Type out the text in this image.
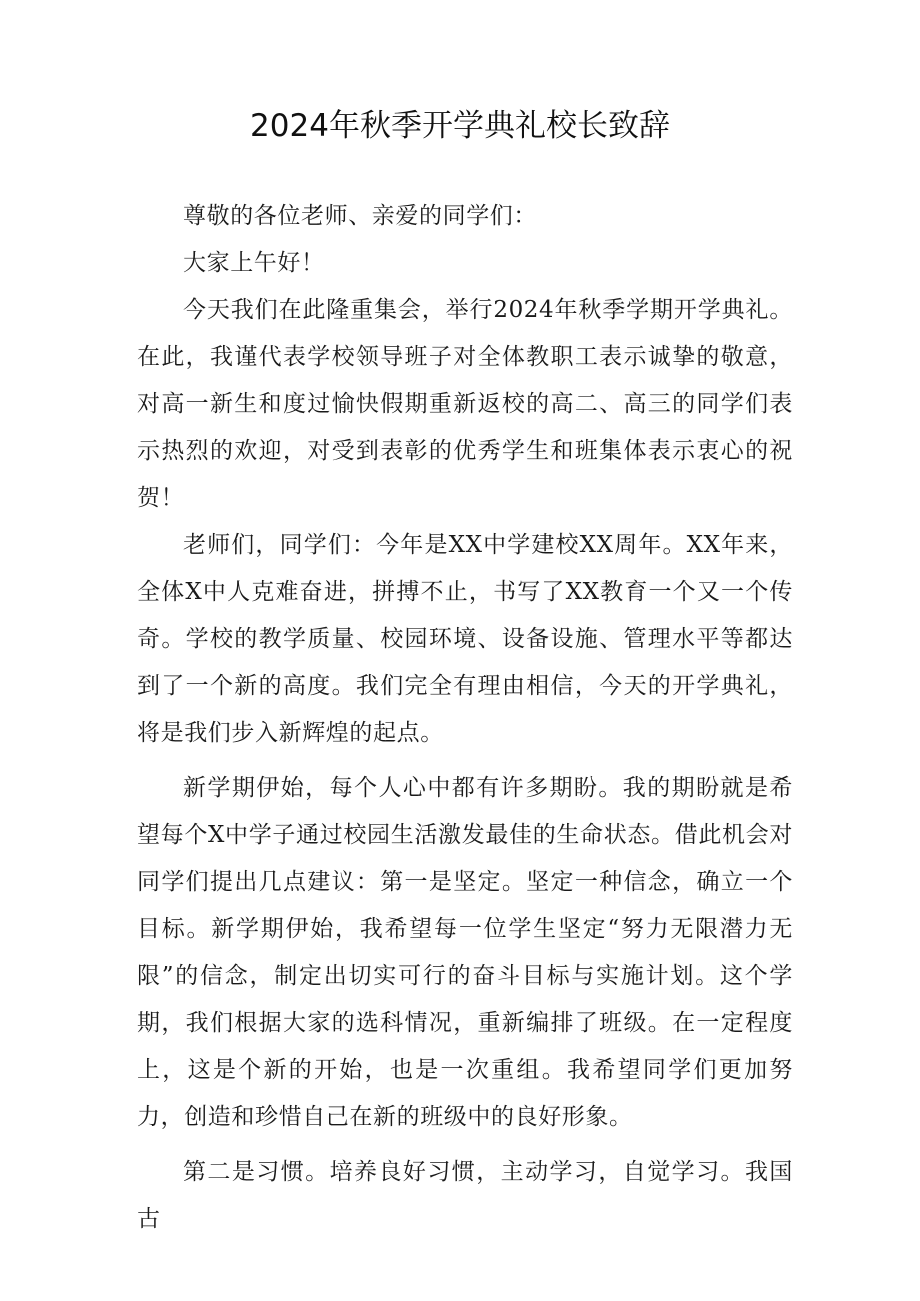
2024年秋季开学典礼校长致辞

尊敬的各位老师、亲爱的同学们：

大家上午好！

今天我们在此隆重集会，举行2024年秋季学期开学典礼。在此，我谨代表学校领导班子对全体教职工表示诚挚的敬意，对高一新生和度过愉快假期重新返校的高二、高三的同学们表示热烈的欢迎，对受到表彰的优秀学生和班集体表示衷心的祝贺！

老师们，同学们：今年是XX中学建校XX周年。XX年来，全体X中人克难奋进，拼搏不止，书写了XX教育一个又一个传奇。学校的教学质量、校园环境、设备设施、管理水平等都达到了一个新的高度。我们完全有理由相信，今天的开学典礼，将是我们步入新辉煌的起点。

新学期伊始，每个人心中都有许多期盼。我的期盼就是希望每个X中学子通过校园生活激发最佳的生命状态。借此机会对同学们提出几点建议：第一是坚定。坚定一种信念，确立一个目标。新学期伊始，我希望每一位学生坚定“努力无限潜力无限”的信念，制定出切实可行的奋斗目标与实施计划。这个学期，我们根据大家的选科情况，重新编排了班级。在一定程度上，这是个新的开始，也是一次重组。我希望同学们更加努力，创造和珍惜自己在新的班级中的良好形象。

第二是习惯。培养良好习惯，主动学习，自觉学习。我国古
